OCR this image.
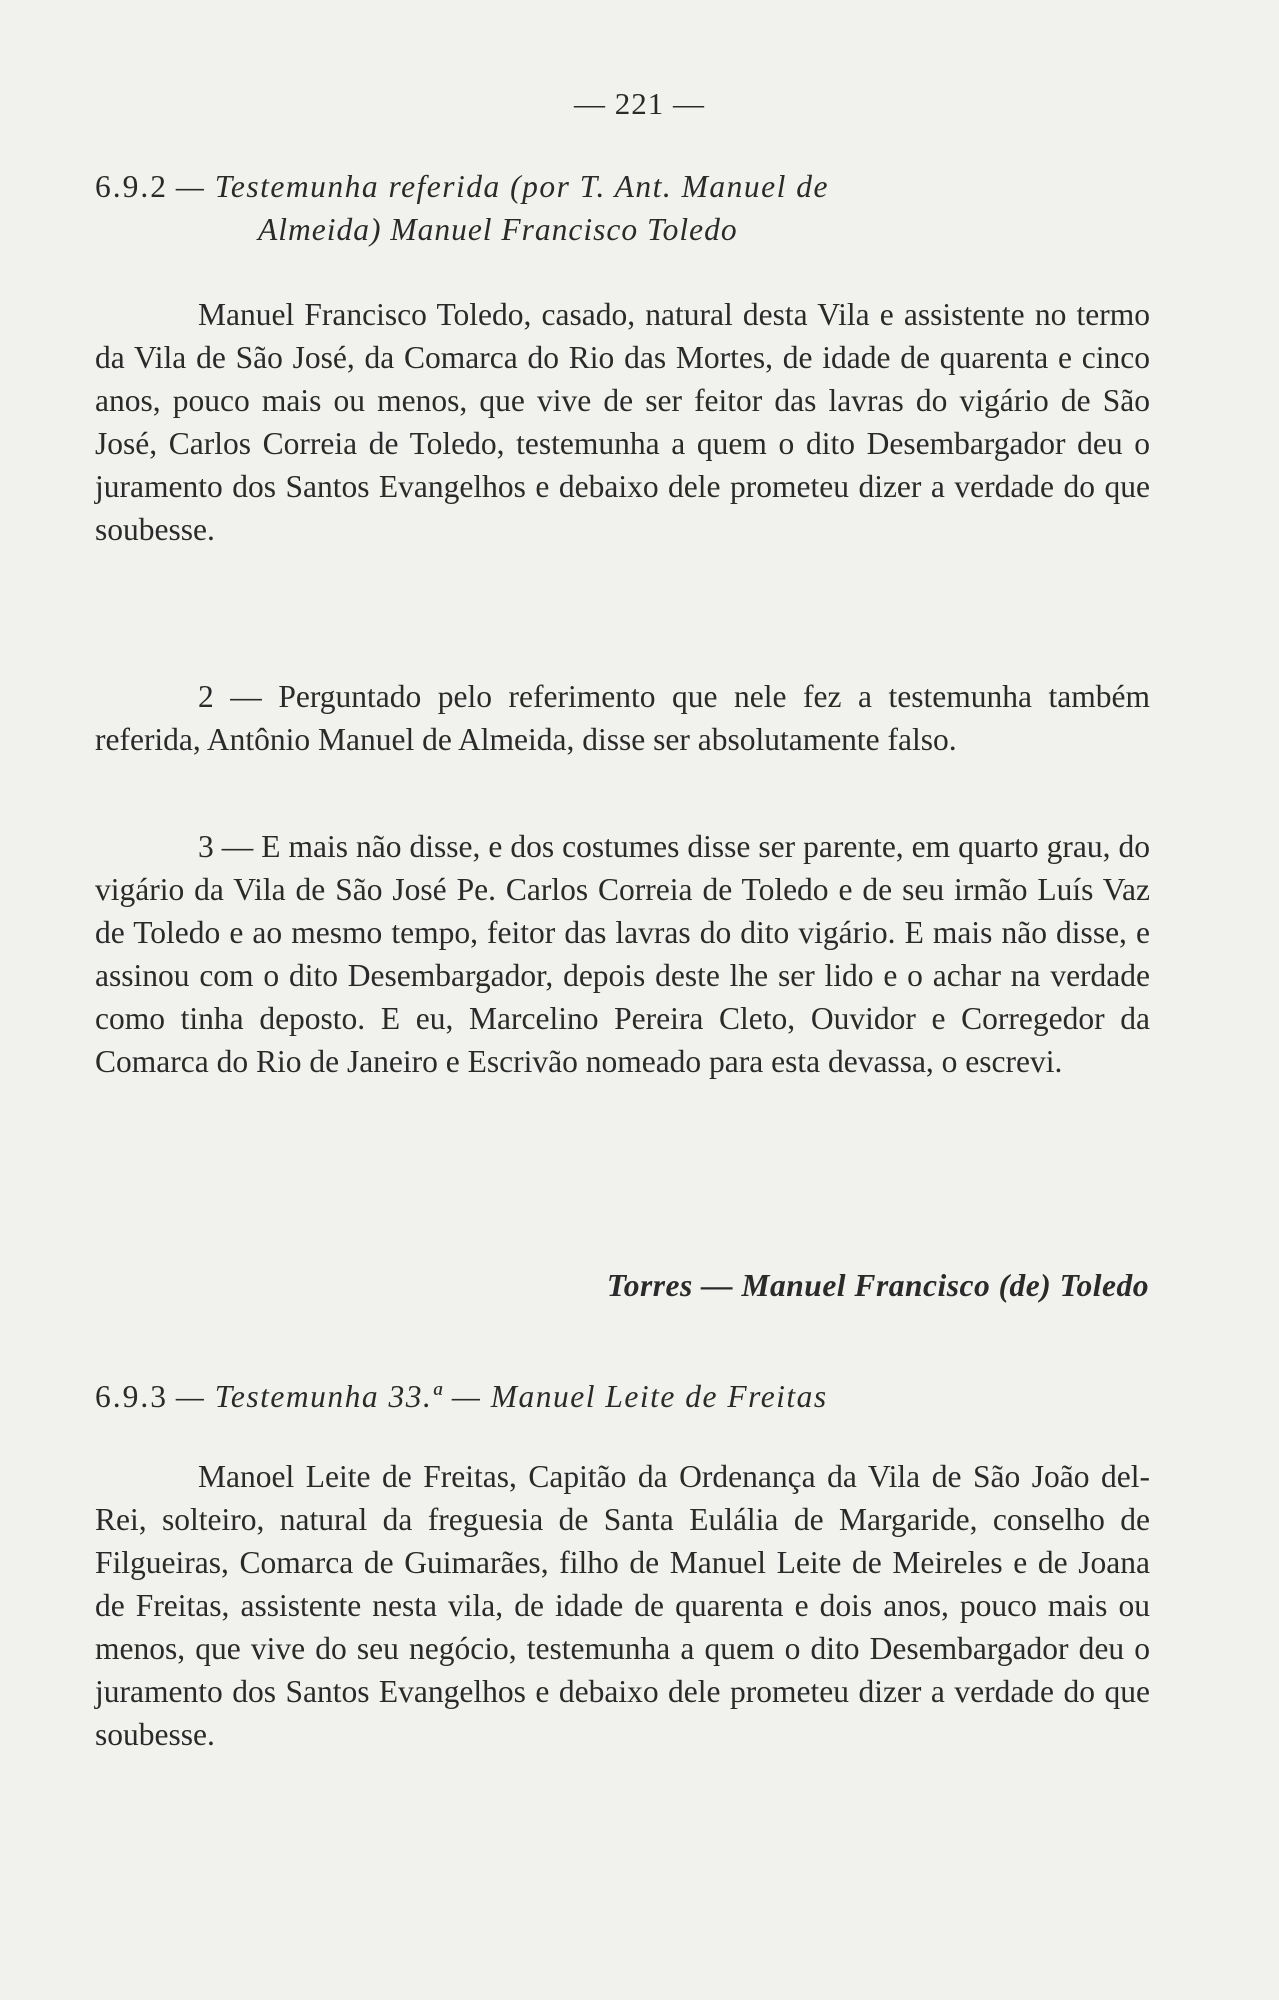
— 221 —
6.9.2 — Testemunha referida (por T. Ant. Manuel de
Almeida) Manuel Francisco Toledo

Manuel Francisco Toledo, casado, natural desta Vila e assistente no termo da Vila de São José, da Comarca do Rio das Mortes, de idade de quarenta e cinco anos, pouco mais ou menos, que vive de ser feitor das lavras do vigário de São José, Carlos Correia de Toledo, testemunha a quem o dito Desembargador deu o juramento dos Santos Evangelhos e debaixo dele prometeu dizer a verdade do que soubesse.

2 — Perguntado pelo referimento que nele fez a testemunha também referida, Antônio Manuel de Almeida, disse ser absolutamente falso.

3 — E mais não disse, e dos costumes disse ser parente, em quarto grau, do vigário da Vila de São José Pe. Carlos Correia de Toledo e de seu irmão Luís Vaz de Toledo e ao mesmo tempo, feitor das lavras do dito vigário. E mais não disse, e assinou com o dito Desembargador, depois deste lhe ser lido e o achar na verdade como tinha deposto. E eu, Marcelino Pereira Cleto, Ouvidor e Corregedor da Comarca do Rio de Janeiro e Escrivão nomeado para esta devassa, o escrevi.

Torres — Manuel Francisco (de) Toledo
6.9.3 — Testemunha 33.ª — Manuel Leite de Freitas

Manoel Leite de Freitas, Capitão da Ordenança da Vila de São João del-Rei, solteiro, natural da freguesia de Santa Eulália de Margaride, conselho de Filgueiras, Comarca de Guimarães, filho de Manuel Leite de Meireles e de Joana de Freitas, assistente nesta vila, de idade de quarenta e dois anos, pouco mais ou menos, que vive do seu negócio, testemunha a quem o dito Desembargador deu o juramento dos Santos Evangelhos e debaixo dele prometeu dizer a verdade do que soubesse.
